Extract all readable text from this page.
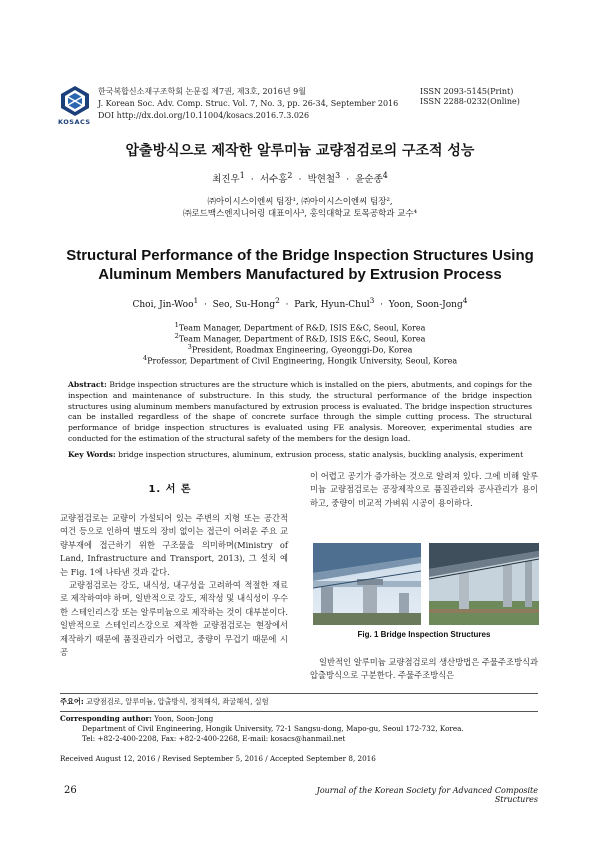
KOSACS
한국복합신소재구조학회 논문집 제7권, 제3호, 2016년 9월
J. Korean Soc. Adv. Comp. Struc. Vol. 7, No. 3, pp. 26-34, September 2016
DOI http://dx.doi.org/10.11004/kosacs.2016.7.3.026
ISSN 2093-5145(Print)
ISSN 2288-0232(Online)
압출방식으로 제작한 알루미늄 교량점검로의 구조적 성능
최진우$^1$ · 서수홍$^2$ · 박현철$^3$ · 윤순종$^4$
㈜아이시스이엔씨 팀장¹, ㈜아이시스이엔씨 팀장²,
㈜로드맥스엔지니어링 대표이사³, 홍익대학교 토목공학과 교수⁴
Structural Performance of the Bridge Inspection Structures Using
Aluminum Members Manufactured by Extrusion Process
Choi, Jin-Woo$^1$ · Seo, Su-Hong$^2$ · Park, Hyun-Chul$^3$ · Yoon, Soon-Jong$^4$
$^1$Team Manager, Department of R&D, ISIS E&C, Seoul, Korea
$^2$Team Manager, Department of R&D, ISIS E&C, Seoul, Korea
$^3$President, Roadmax Engineering, Gyeonggi-Do, Korea
$^4$Professor, Department of Civil Engineering, Hongik University, Seoul, Korea
Abstract: Bridge inspection structures are the structure which is installed on the piers, abutments, and copings for the inspection and maintenance of substructure. In this study, the structural performance of the bridge inspection structures using aluminum members manufactured by extrusion process is evaluated. The bridge inspection structures can be installed regardless of the shape of concrete surface through the simple cutting process. The structural performance of bridge inspection structures is evaluated using FE analysis. Moreover, experimental studies are conducted for the estimation of the structural safety of the members for the design load.
Key Words: bridge inspection structures, aluminum, extrusion process, static analysis, buckling analysis, experiment
1. 서 론

교량점검로는 교량이 가설되어 있는 주변의 지형 또는 공간적 여건 등으로 인하여 별도의 장비 없이는 접근이 어려운 주요 교량부재에 접근하기 위한 구조물을 의미하며(Ministry of Land, Infrastructure and Transport, 2013), 그 설치 예는 Fig. 1에 나타낸 것과 같다.

교량점검로는 강도, 내식성, 내구성을 고려하여 적절한 재료로 제작하여야 하며, 일반적으로 강도, 제작성 및 내식성이 우수한 스테인리스강 또는 알루미늄으로 제작하는 것이 대부분이다. 일반적으로 스테인리스강으로 제작한 교량점검로는 현장에서 제작하기 때문에 품질관리가 어렵고, 중량이 무겁기 때문에 시공

이 어렵고 공기가 증가하는 것으로 알려져 있다. 그에 비해 알루미늄 교량점검로는 공장제작으로 품질관리와 공사관리가 용이하고, 중량이 비교적 가벼워 시공이 용이하다.

Fig. 1 Bridge Inspection Structures

일반적인 알루미늄 교량점검로의 생산방법은 주물주조방식과 압출방식으로 구분한다. 주물주조방식은

주요어: 교량점검로, 알루미늄, 압출방식, 정적해석, 좌굴해석, 실험
Corresponding author: Yoon, Soon-Jong
Department of Civil Engineering, Hongik University, 72-1 Sangsu-dong, Mapo-gu, Seoul 172-732, Korea.
Tel: +82-2-400-2208, Fax: +82-2-400-2268, E-mail: kosacs@hanmail.net
Received August 12, 2016 / Revised September 5, 2016 / Accepted September 8, 2016
26	Journal of the Korean Society for Advanced Composite Structures
